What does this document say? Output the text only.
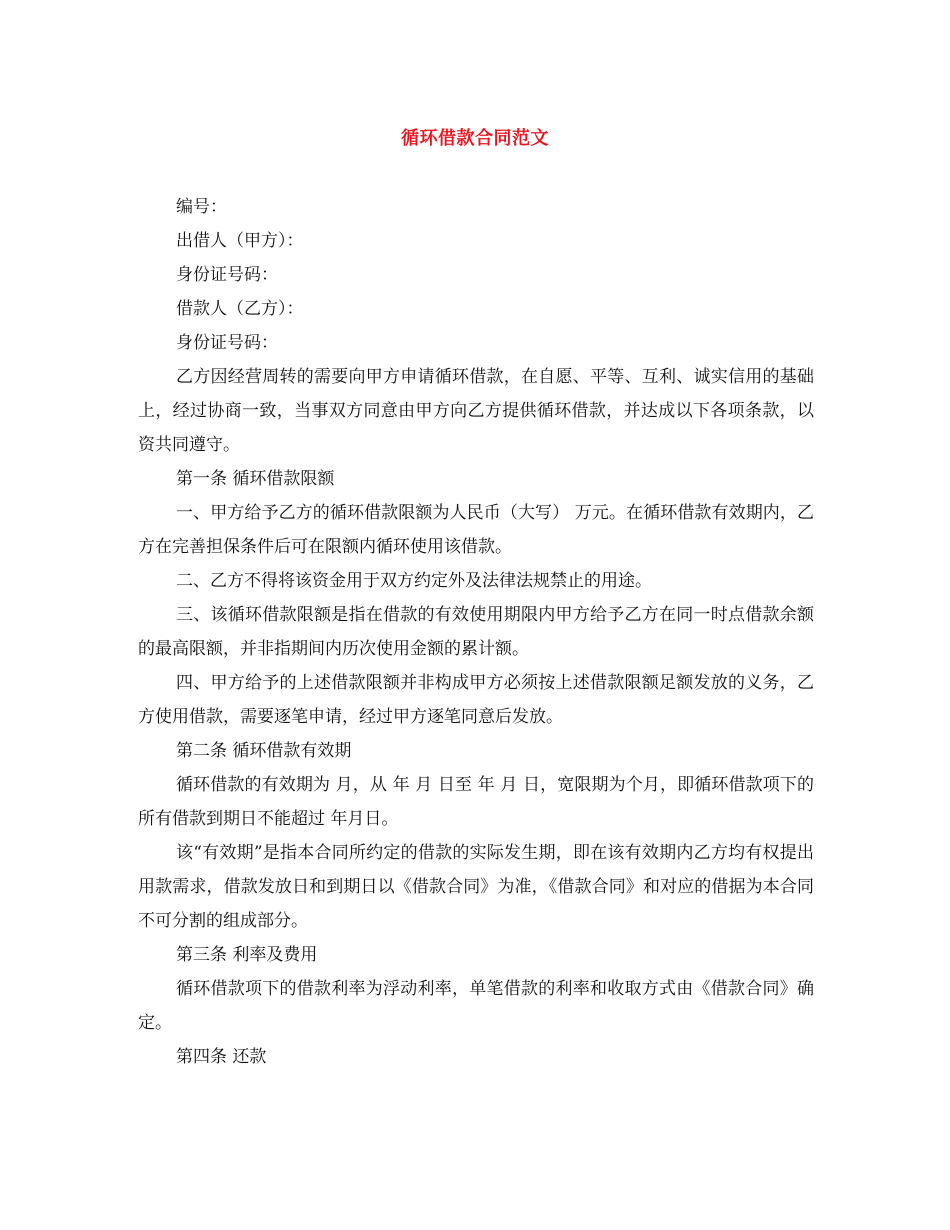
循环借款合同范文

编号：

出借人（甲方）：

身份证号码：

借款人（乙方）：

身份证号码：

乙方因经营周转的需要向甲方申请循环借款，在自愿、平等、互利、诚实信用的基础上，经过协商一致，当事双方同意由甲方向乙方提供循环借款，并达成以下各项条款，以资共同遵守。

第一条 循环借款限额

一、甲方给予乙方的循环借款限额为人民币（大写） 万元。在循环借款有效期内，乙方在完善担保条件后可在限额内循环使用该借款。

二、乙方不得将该资金用于双方约定外及法律法规禁止的用途。

三、该循环借款限额是指在借款的有效使用期限内甲方给予乙方在同一时点借款余额的最高限额，并非指期间内历次使用金额的累计额。

四、甲方给予的上述借款限额并非构成甲方必须按上述借款限额足额发放的义务，乙方使用借款，需要逐笔申请，经过甲方逐笔同意后发放。

第二条 循环借款有效期

循环借款的有效期为 月，从 年 月 日至 年 月 日，宽限期为个月，即循环借款项下的所有借款到期日不能超过 年月日。

该“有效期”是指本合同所约定的借款的实际发生期，即在该有效期内乙方均有权提出用款需求，借款发放日和到期日以《借款合同》为准，《借款合同》和对应的借据为本合同不可分割的组成部分。

第三条 利率及费用

循环借款项下的借款利率为浮动利率，单笔借款的利率和收取方式由《借款合同》确定。

第四条 还款
